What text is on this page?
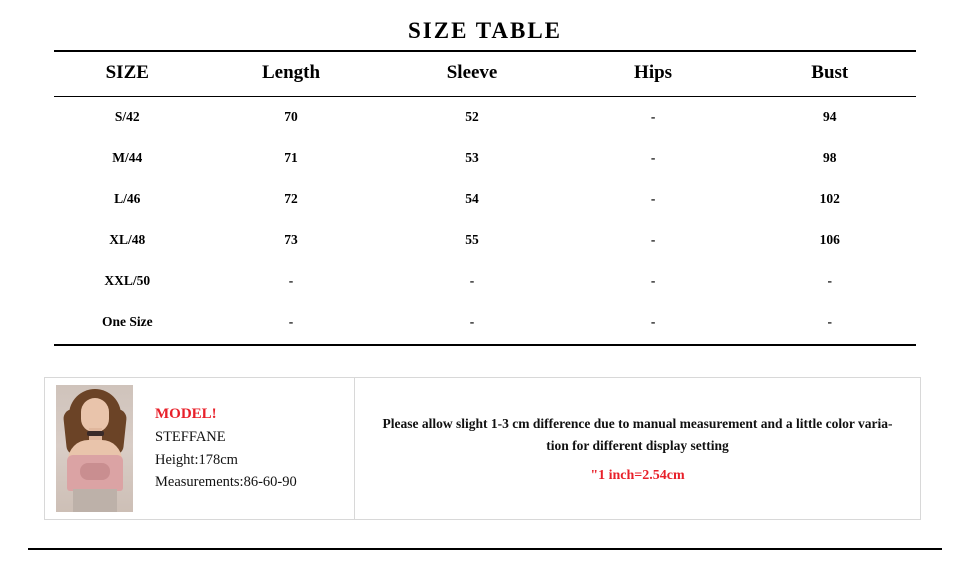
SIZE TABLE
SIZE	Length	Sleeve	Hips	Bust
S/42	70	52	-	94
M/44	71	53	-	98
L/46	72	54	-	102
XL/48	73	55	-	106
XXL/50	-	-	-	-
One Size	-	-	-	-
MODEL!
STEFFANE
Height:178cm
Measurements:86-60-90
Please allow slight 1-3 cm difference due to manual measurement and a little color varia-
tion for different display setting
"1 inch=2.54cm
